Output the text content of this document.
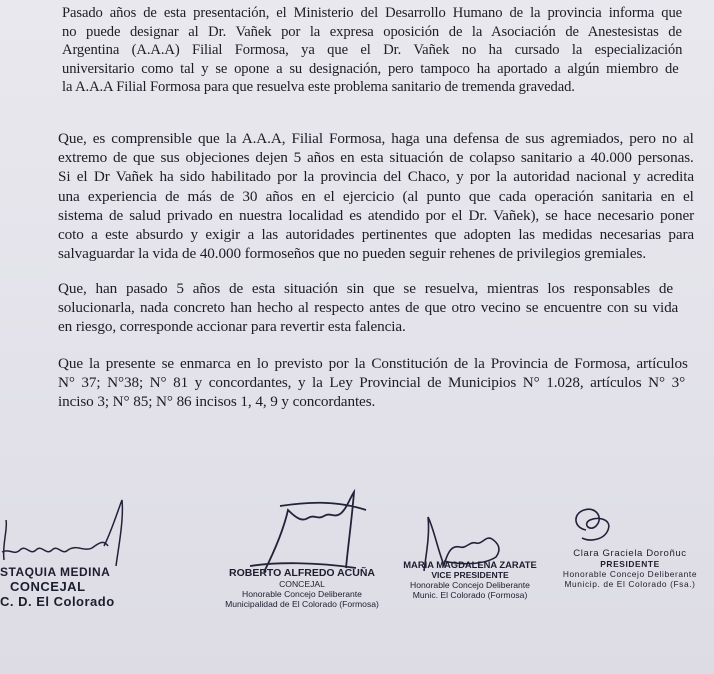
Pasado años de esta presentación, el Ministerio del Desarrollo Humano de la provincia informa que
no puede designar al Dr. Vañek por la expresa oposición de la Asociación de Anestesistas de
Argentina (A.A.A) Filial Formosa, ya que el Dr. Vañek no ha cursado la especialización
universitario como tal y se opone a su designación, pero tampoco ha aportado a algún miembro de
la A.A.A Filial Formosa para que resuelva este problema sanitario de tremenda gravedad.
Que, es comprensible que la A.A.A, Filial Formosa, haga una defensa de sus agremiados, pero no al
extremo de que sus objeciones dejen 5 años en esta situación de colapso sanitario a 40.000 personas.
Si el Dr Vañek ha sido habilitado por la provincia del Chaco, y por la autoridad nacional y acredita
una experiencia de más de 30 años en el ejercicio (al punto que cada operación sanitaria en el
sistema de salud privado en nuestra localidad es atendido por el Dr. Vañek), se hace necesario poner
coto a este absurdo y exigir a las autoridades pertinentes que adopten las medidas necesarias para
salvaguardar la vida de 40.000 formoseños que no pueden seguir rehenes de privilegios gremiales.
Que, han pasado 5 años de esta situación sin que se resuelva, mientras los responsables de
solucionarla, nada concreto han hecho al respecto antes de que otro vecino se encuentre con su vida
en riesgo, corresponde accionar para revertir esta falencia.
Que la presente se enmarca en lo previsto por la Constitución de la Provincia de Formosa, artículos
N° 37; N°38; N° 81 y concordantes, y la Ley Provincial de Municipios N° 1.028, artículos N° 3°
inciso 3; N° 85; N° 86 incisos 1, 4, 9 y concordantes.
STAQUIA MEDINA
CONCEJAL
C. D. El Colorado
ROBERTO ALFREDO ACUÑA
CONCEJAL
Honorable Concejo Deliberante
Municipalidad de El Colorado (Formosa)
MARIA MAGDALENA ZARATE
VICE PRESIDENTE
Honorable Concejo Deliberante
Munic. El Colorado (Formosa)
Clara Graciela Doroñuc
PRESIDENTE
Honorable Concejo Deliberante
Municip. de El Colorado (Fsa.)
